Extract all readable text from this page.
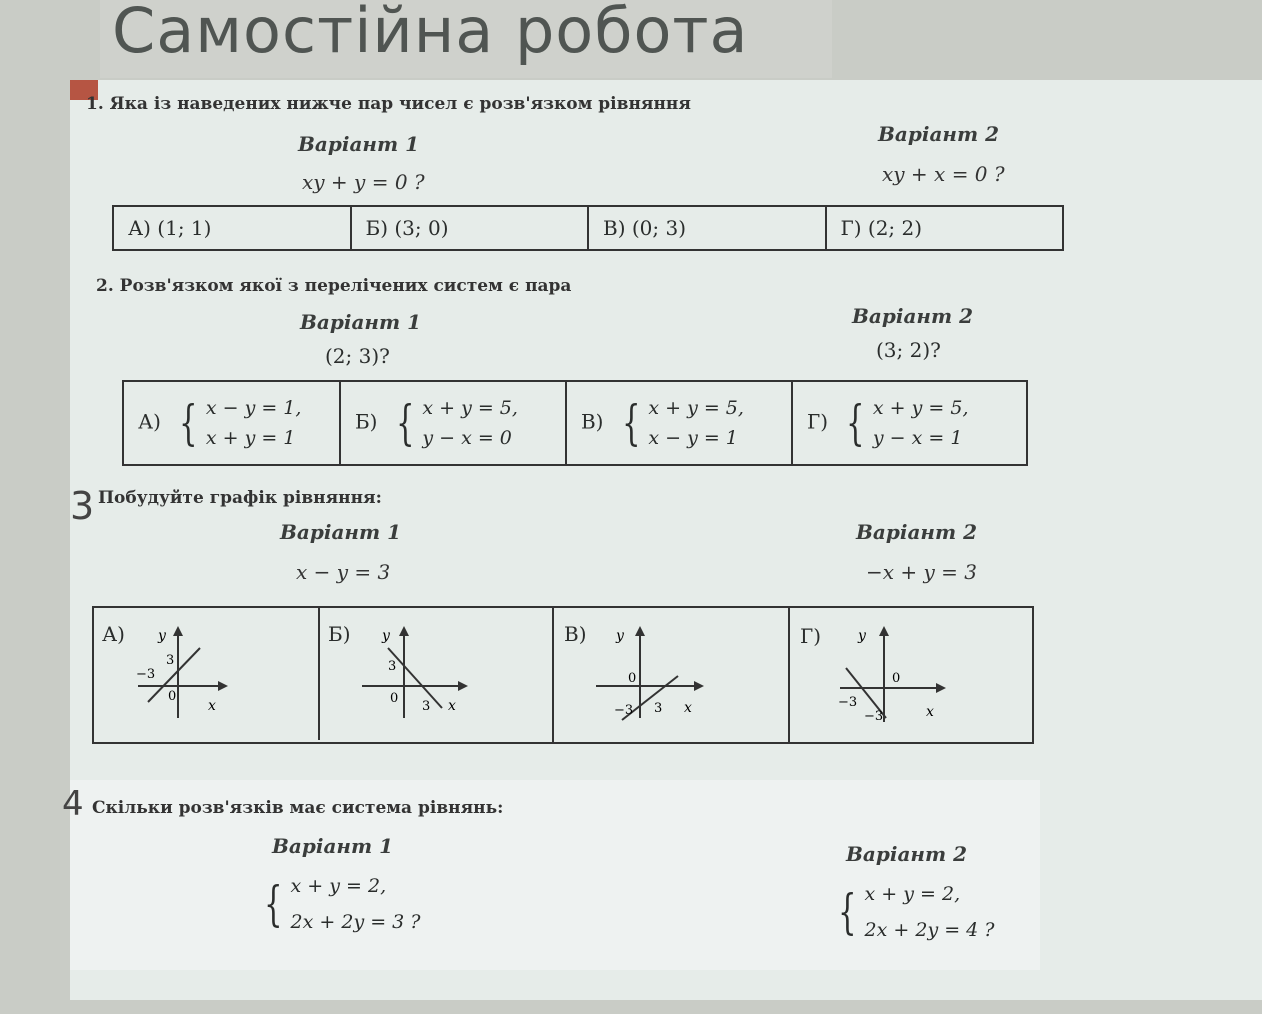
Самостійна робота
1. Яка із наведених нижче пар чисел є розв'язком рівняння
Варіант 1
xy + y = 0 ?
Варіант 2
xy + x = 0 ?
А) (1; 1)	Б) (3; 0)	В) (0; 3)	Г) (2; 2)
2. Розв'язком якої з перелічених систем є пара
Варіант 1
(2; 3)?
Варіант 2
(3; 2)?
А) { x − y = 1,
x + y = 1
	Б) { x + y = 5,
y − x = 0
	В) { x + y = 5,
x − y = 1
	Г) { x + y = 5,
y − x = 1
3 Побудуйте графік рівняння:
Варіант 1
x − y = 3
Варіант 2
−x + y = 3
А) y
3
−3
0
x
Б) y
3
0
3 x
В) y
0
−3 3 x
Г)	y
0
−3
−3	x
4 Скільки розв'язків має система рівнянь:
Варіант 1	Варіант 2
{ x + y = 2,
2x + 2y = 3 ?	{ x + y = 2,
2x + 2y = 4 ?
